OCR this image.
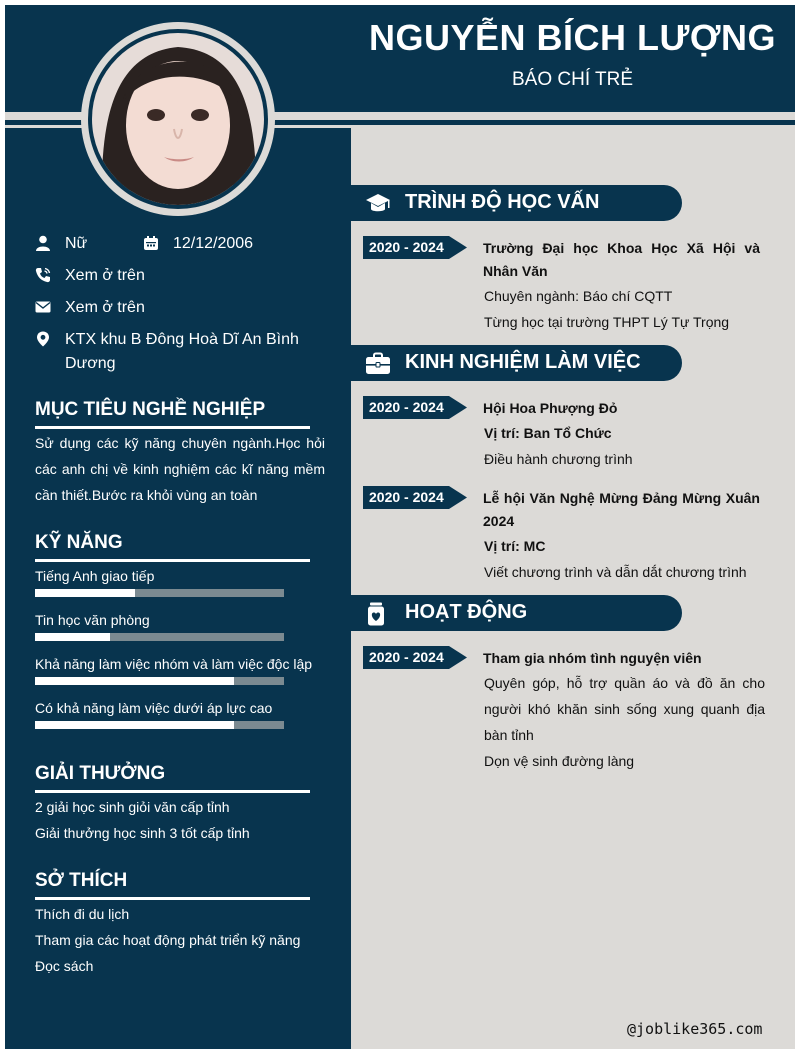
NGUYỄN BÍCH LƯỢNG
BÁO CHÍ TRẺ
Nữ	12/12/2006
Xem ở trên
Xem ở trên
KTX khu B Đông Hoà Dĩ An Bình Dương
MỤC TIÊU NGHỀ NGHIỆP
Sử dụng các kỹ năng chuyên ngành.Học hỏi các anh chị về kinh nghiệm các kĩ năng mềm cần thiết.Bước ra khỏi vùng an toàn
KỸ NĂNG
Tiếng Anh giao tiếp
Tin học văn phòng
Khả năng làm việc nhóm và làm việc độc lập
Có khả năng làm việc dưới áp lực cao
GIẢI THƯỞNG
2 giải học sinh giỏi văn cấp tỉnh
Giải thưởng học sinh 3 tốt cấp tỉnh
SỞ THÍCH
Thích đi du lịch
Tham gia các hoạt động phát triển kỹ năng
Đọc sách
TRÌNH ĐỘ HỌC VẤN
2020 - 2024	Trường Đại học Khoa Học Xã Hội và Nhân Văn
Chuyên ngành: Báo chí CQTT
Từng học tại trường THPT Lý Tự Trọng
KINH NGHIỆM LÀM VIỆC
2020 - 2024	Hội Hoa Phượng Đỏ
Vị trí: Ban Tổ Chức
Điều hành chương trình
2020 - 2024	Lễ hội Văn Nghệ Mừng Đảng Mừng Xuân 2024
Vị trí: MC
Viết chương trình và dẫn dắt chương trình
HOẠT ĐỘNG
2020 - 2024	Tham gia nhóm tình nguyện viên
Quyên góp, hỗ trợ quần áo và đồ ăn cho người khó khăn sinh sống xung quanh địa bàn tỉnh
Dọn vệ sinh đường làng
@joblike365.com
